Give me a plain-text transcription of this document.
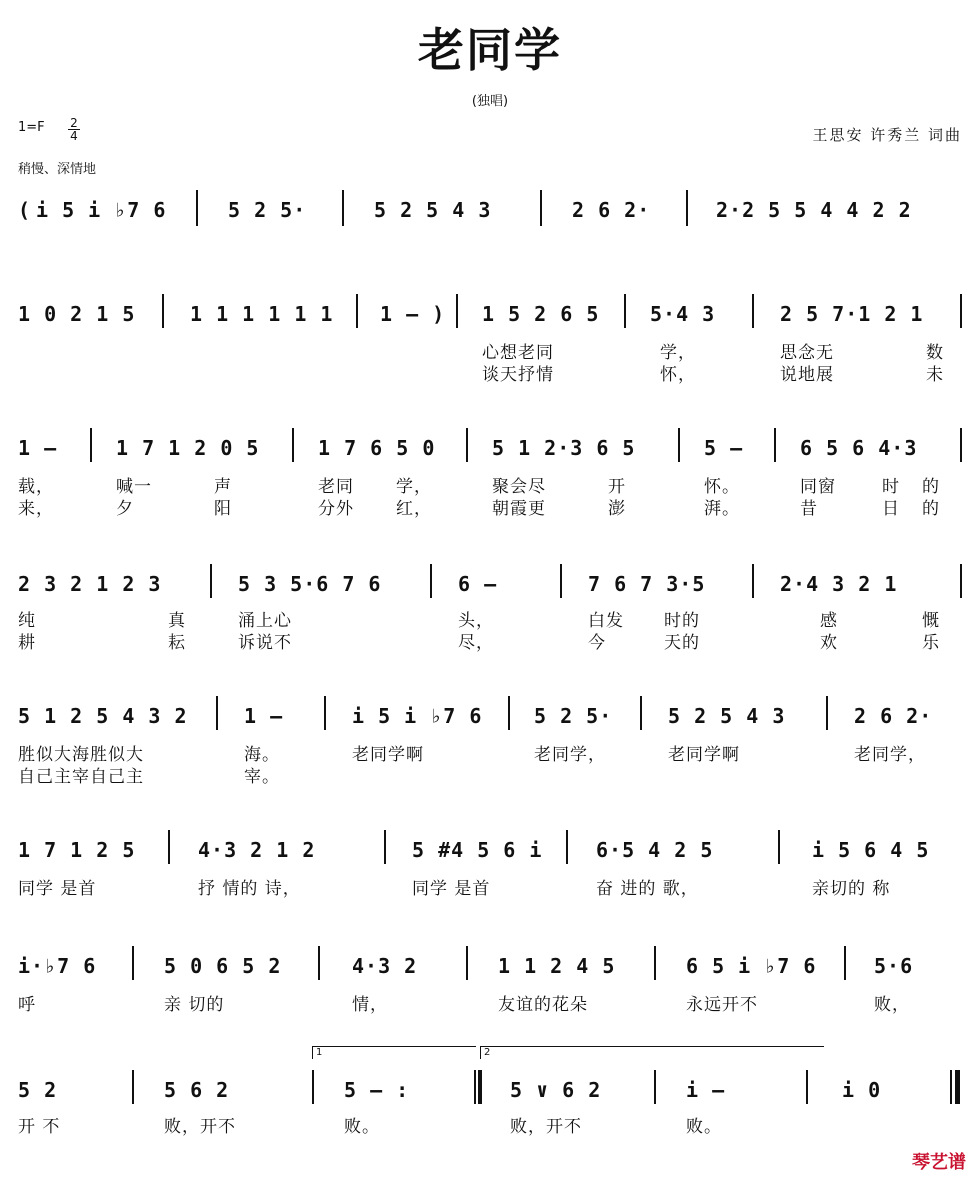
老同学
(独唱)
1=F 2
4
稍慢、深情地
王思安 许秀兰 词曲
( i 5 i ♭7 6	5 2 5·	5 2 5 4 3	2 6 2·	2·2 5 5 4 4 2 2
1 0 2 1 5	1 1 1 1 1 1 1 – ) 1 5 2 6 5	5·4 3	2 5 7·1 2 1
心想老同	学，	思念无	数
谈天抒情	怀，	说地展	未
1 –	1 7 1 2 0 5	1 7 6 5 0	5 1 2·3 6 5	5 –	6 5 6 4·3
载，	喊一	声	老同 学，	聚会尽	开	怀。	同窗	时 的
来，	夕	阳	分外 红，	朝霞更	澎	湃。	昔	日 的
2 3 2 1 2 3	5 3 5·6 7 6	6 –	7 6 7 3·5	2·4 3 2 1
纯	真	涌上心	头，	白发 时的	感	慨
耕	耘	诉说不	尽，	今	天的	欢	乐
5 1 2 5 4 3 2	1 –	i 5 i ♭7 6	5 2 5·	5 2 5 4 3	2 6 2·
胜似大海胜似大	海。	老同学啊	老同学，	老同学啊	老同学，
自己主宰自己主	宰。
1 7 1 2 5	4·3 2 1 2	5 #4 5 6 i	6·5 4 2 5	i 5 6 4 5
同学 是首	抒 情的 诗，	同学 是首	奋 进的 歌，	亲切的 称
i·♭7 6	5 0 6 5 2	4·3 2	1 1 2 4 5	6 5 i ♭7 6	5·6
呼	亲 切的	情，	友谊的花朵	永远开不	败，
1	2
5 2	5 6 2	5 – :	5 ∨ 6 2	i –	i 0
开 不	败，开不	败。	败，开不	败。
琴艺谱
